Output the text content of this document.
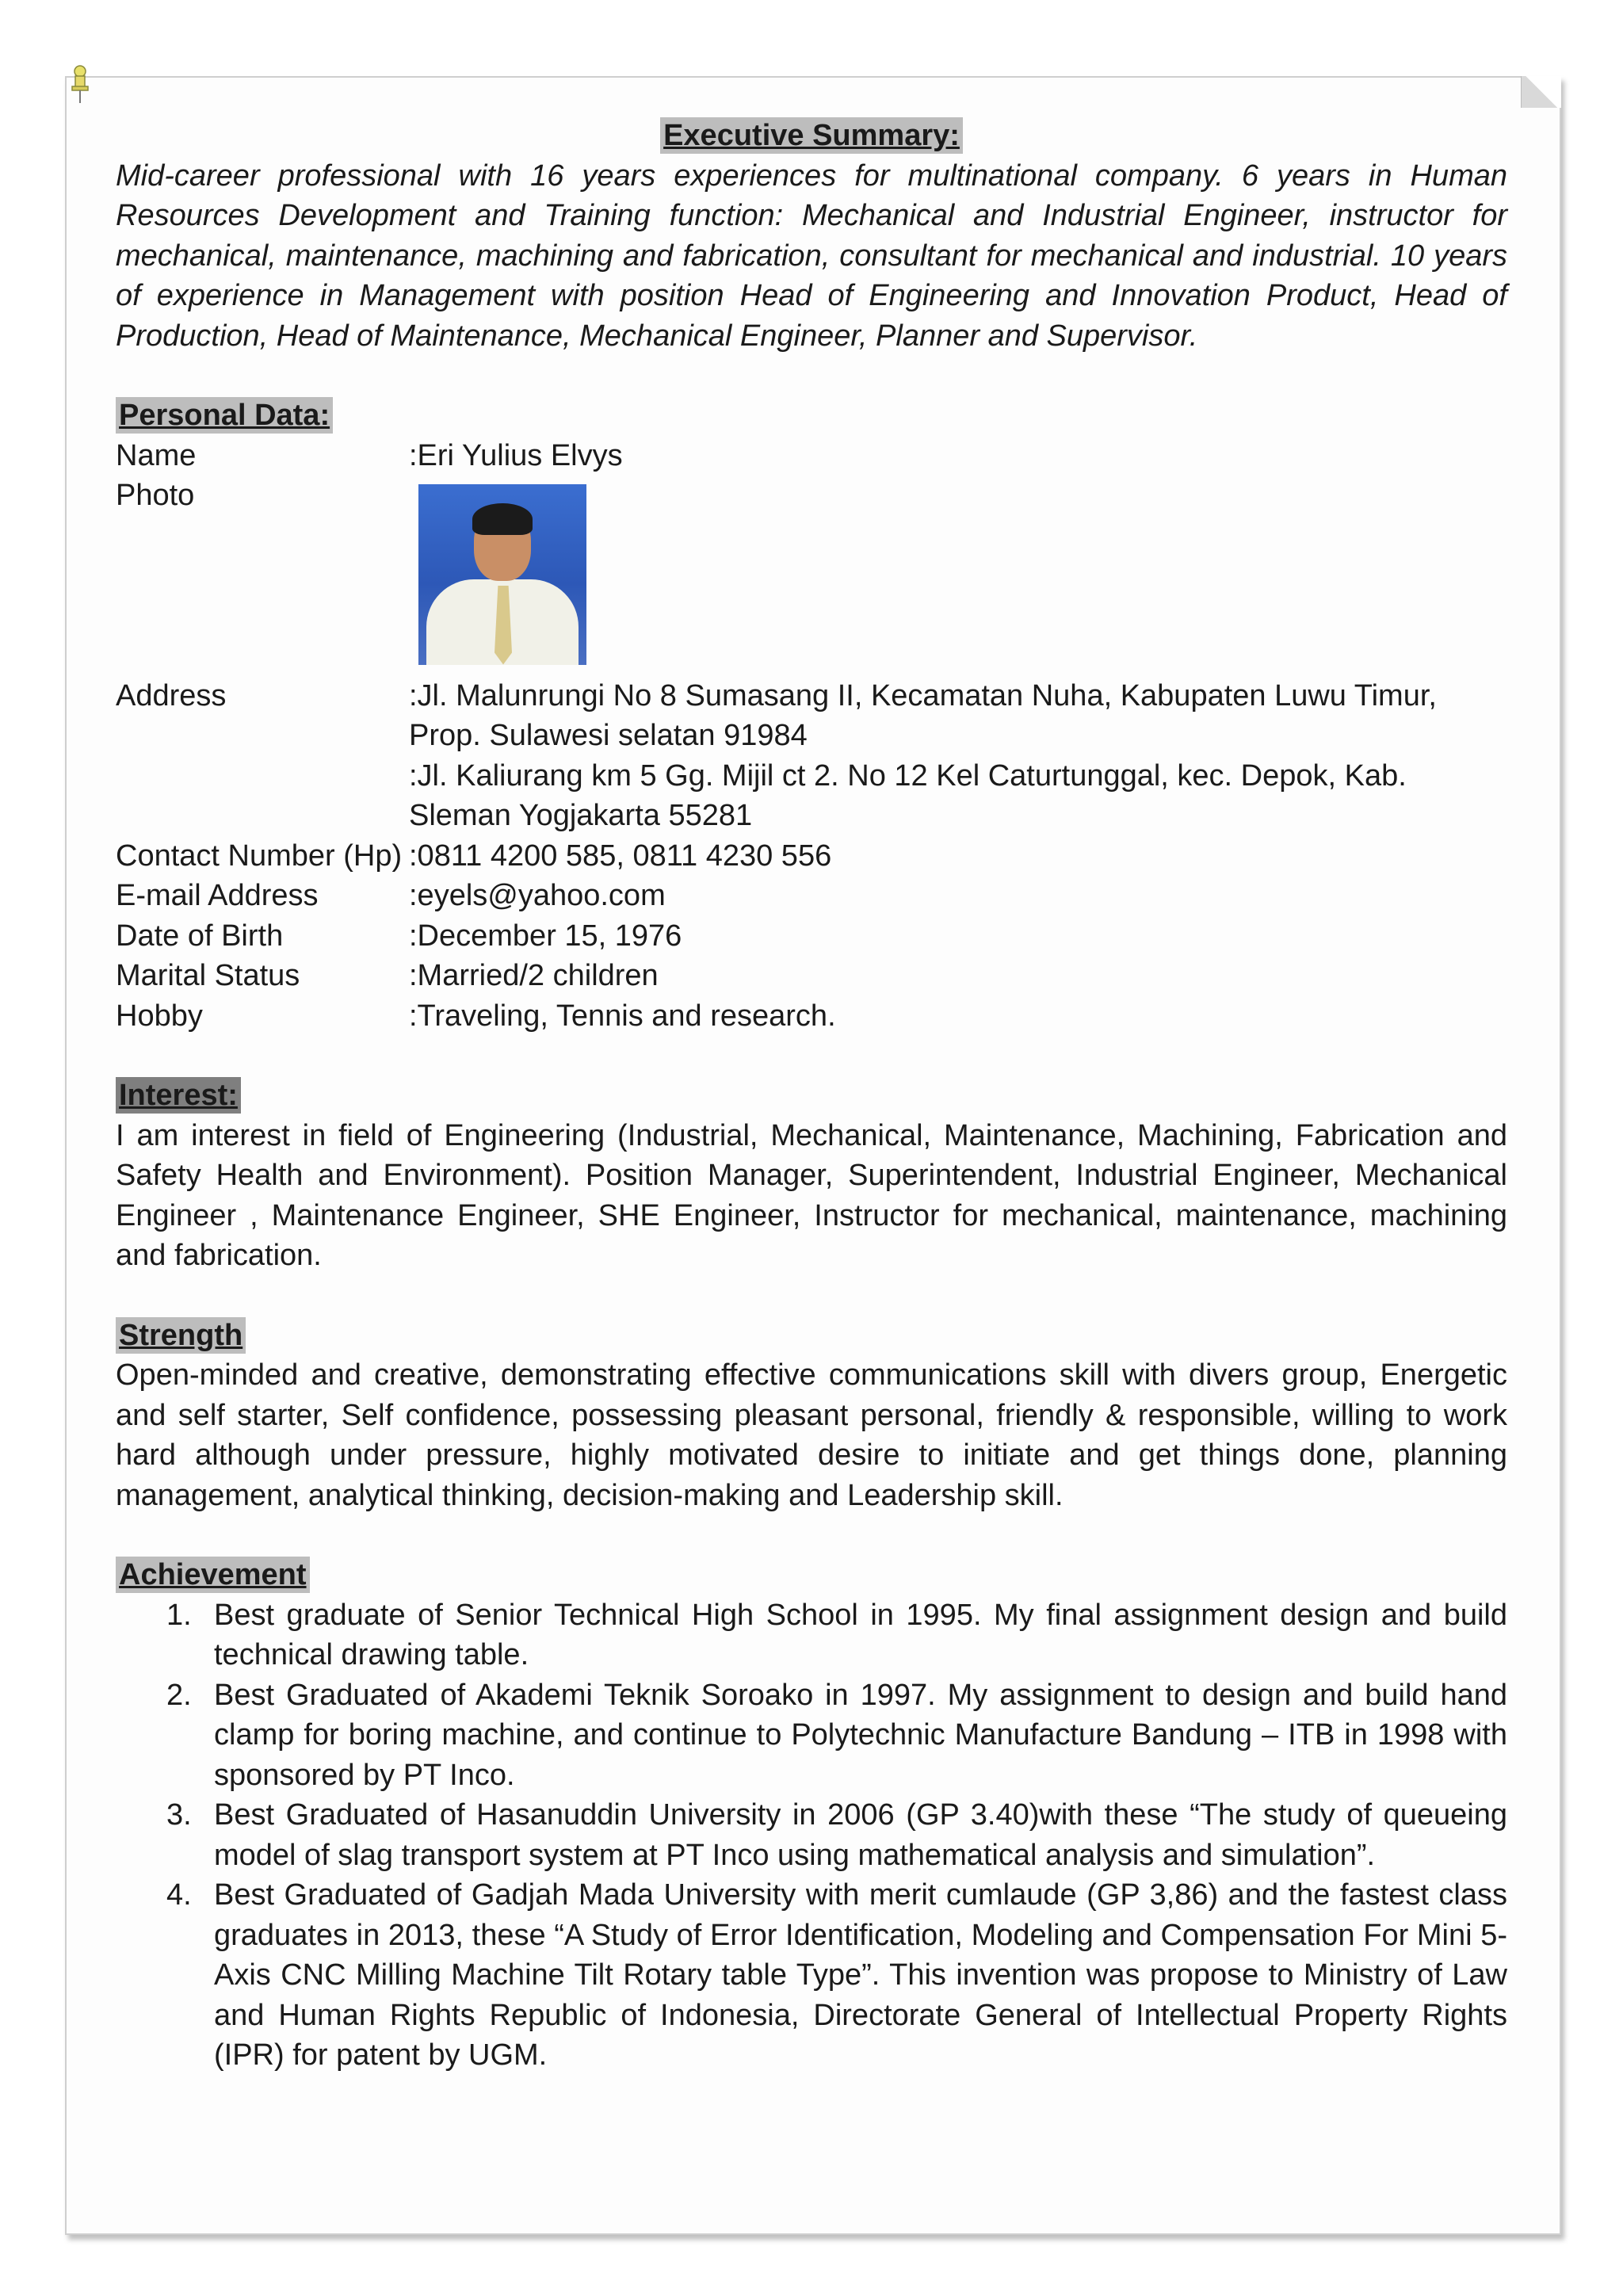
Executive Summary:

Mid-career professional with 16 years experiences for multinational company. 6 years in Human Resources Development and Training function: Mechanical and Industrial Engineer, instructor for mechanical, maintenance, machining and fabrication, consultant for mechanical and industrial. 10 years of experience in Management with position Head of Engineering and Innovation Product, Head of Production, Head of Maintenance, Mechanical Engineer, Planner and Supervisor.

Personal Data:
Name	:Eri Yulius Elvys
Photo
Address	:Jl. Malunrungi No 8 Sumasang II, Kecamatan Nuha, Kabupaten Luwu Timur, Prop. Sulawesi selatan 91984
:Jl. Kaliurang km 5 Gg. Mijil ct 2. No 12 Kel Caturtunggal, kec. Depok, Kab. Sleman Yogjakarta 55281
Contact Number (Hp) :0811 4200 585, 0811 4230 556
E-mail Address	:eyels@yahoo.com
Date of Birth	:December 15, 1976
Marital Status	:Married/2 children
Hobby	:Traveling, Tennis and research.
Interest:

I am interest in field of Engineering (Industrial, Mechanical, Maintenance, Machining, Fabrication and Safety Health and Environment). Position Manager, Superintendent, Industrial Engineer, Mechanical Engineer , Maintenance Engineer, SHE Engineer, Instructor for mechanical, maintenance, machining and fabrication.

Strength

Open-minded and creative, demonstrating effective communications skill with divers group, Energetic and self starter, Self confidence, possessing pleasant personal, friendly & responsible, willing to work hard although under pressure, highly motivated desire to initiate and get things done, planning management, analytical thinking, decision-making and Leadership skill.

Achievement
1. Best graduate of Senior Technical High School in 1995. My final assignment design and build technical drawing table.
2. Best Graduated of Akademi Teknik Soroako in 1997. My assignment to design and build hand clamp for boring machine, and continue to Polytechnic Manufacture Bandung – ITB in 1998 with sponsored by PT Inco.
3. Best Graduated of Hasanuddin University in 2006 (GP 3.40)with these “The study of queueing model of slag transport system at PT Inco using mathematical analysis and simulation”.
4. Best Graduated of Gadjah Mada University with merit cumlaude (GP 3,86) and the fastest class graduates in 2013, these “A Study of Error Identification, Modeling and Compensation For Mini 5-Axis CNC Milling Machine Tilt Rotary table Type”. This invention was propose to Ministry of Law and Human Rights Republic of Indonesia, Directorate General of Intellectual Property Rights (IPR) for patent by UGM.
